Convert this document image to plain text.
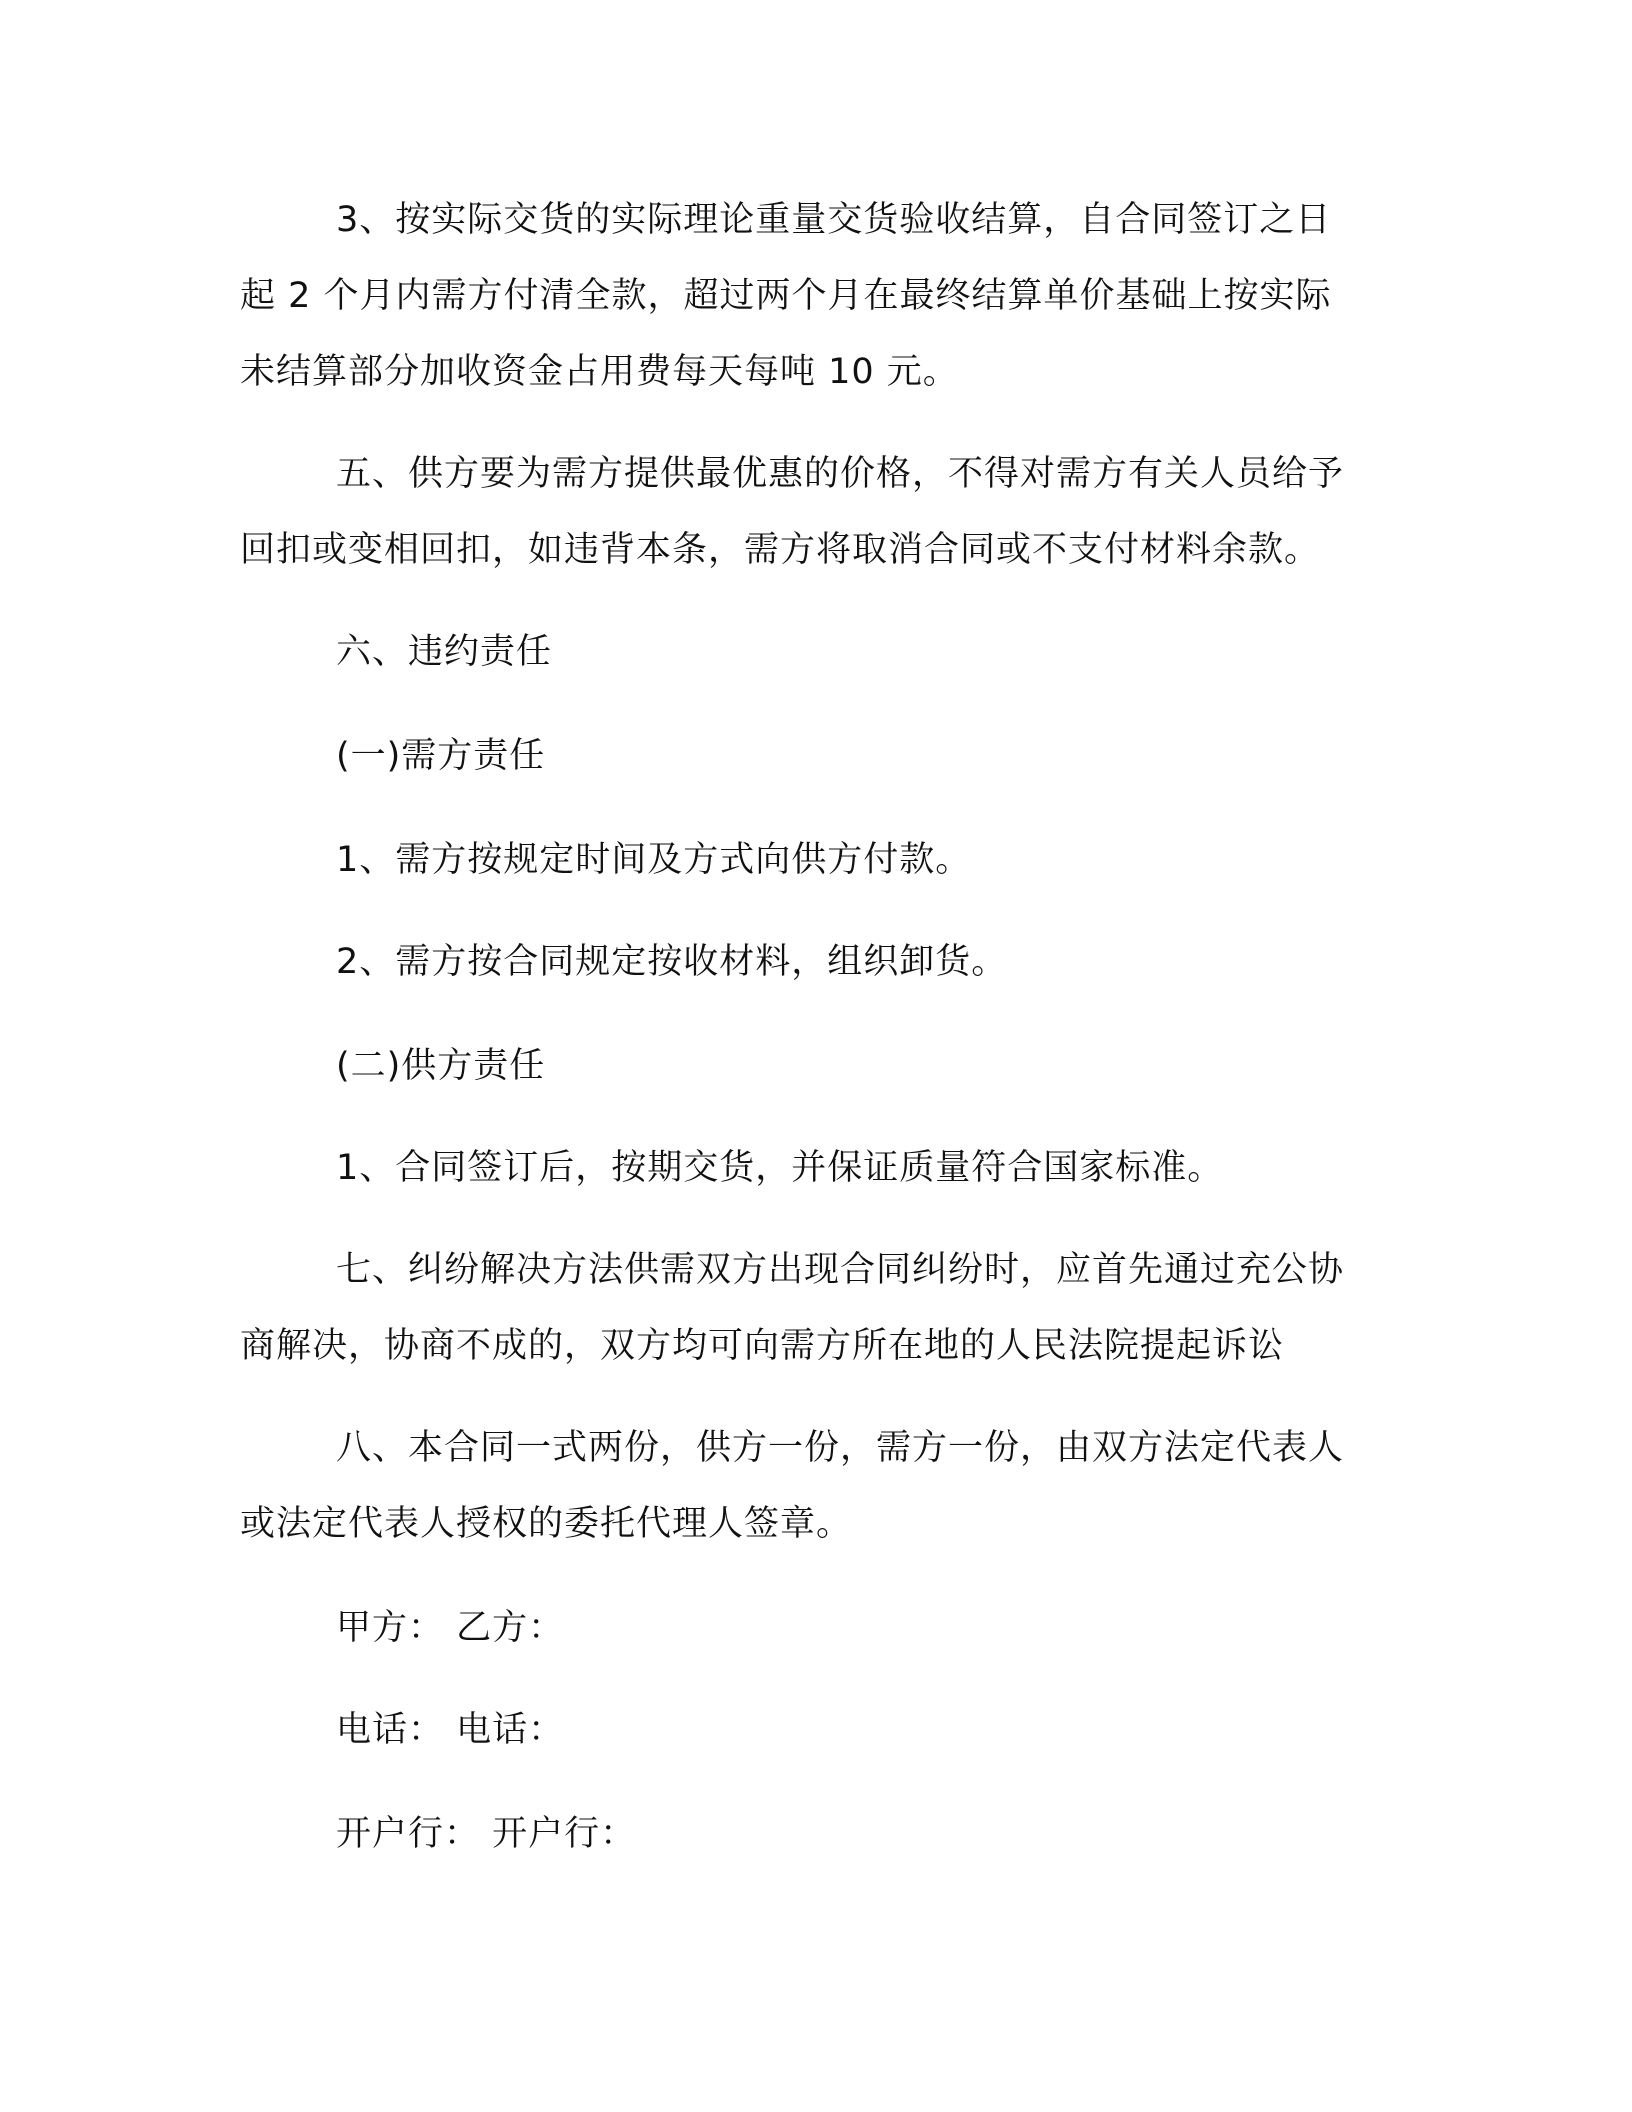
3、按实际交货的实际理论重量交货验收结算，自合同签订之日

起 2 个月内需方付清全款，超过两个月在最终结算单价基础上按实际

未结算部分加收资金占用费每天每吨 10 元。

五、供方要为需方提供最优惠的价格，不得对需方有关人员给予

回扣或变相回扣，如违背本条，需方将取消合同或不支付材料余款。

六、违约责任

(一)需方责任

1、需方按规定时间及方式向供方付款。

2、需方按合同规定按收材料，组织卸货。

(二)供方责任

1、合同签订后，按期交货，并保证质量符合国家标准。

七、纠纷解决方法供需双方出现合同纠纷时，应首先通过充公协

商解决，协商不成的，双方均可向需方所在地的人民法院提起诉讼

八、本合同一式两份，供方一份，需方一份，由双方法定代表人

或法定代表人授权的委托代理人签章。

甲方： 乙方：

电话： 电话：

开户行： 开户行：
